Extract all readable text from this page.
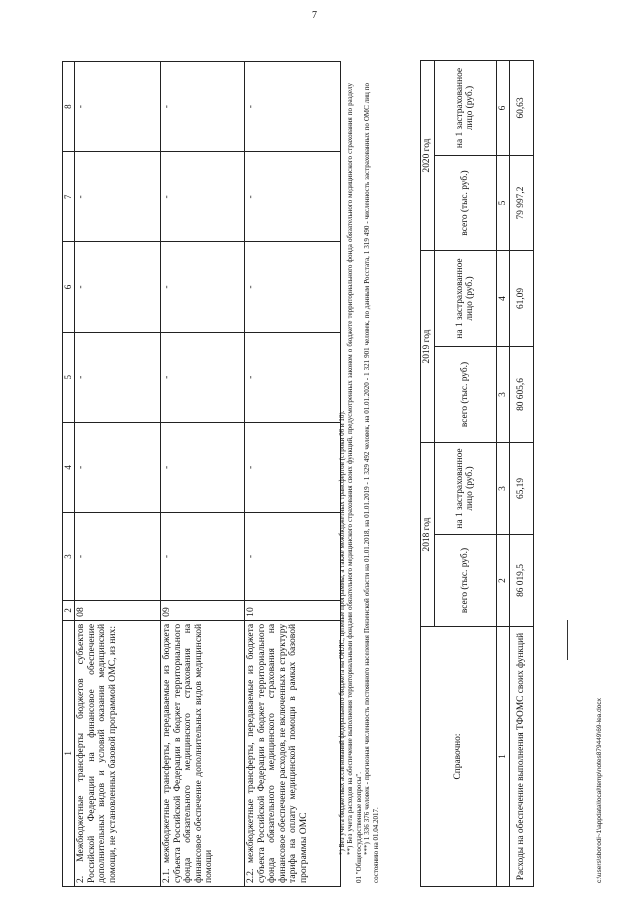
7
1	2	3	4	5	6	7	8
2. Межбюджетные трансферты бюджетов субъектов Российской Федерации на финансовое обеспечение дополнительных видов и условий оказания медицинской помощи, не установленных базовой программой ОМС, из них:	08	-	-	-	-	-	-
2.1. межбюджетные трансферты, передаваемые из бюджета субъекта Российской Федерации в бюджет территориального фонда обязательного медицинского страхования на финансовое обеспечение дополнительных видов медицинской помощи	09	-	-	-	-	-	-
2.2. межбюджетные трансферты, передаваемые из бюджета субъекта Российской Федерации в бюджет территориального фонда обязательного медицинского страхования на финансовое обеспечение расходов, не включенных в структуру тарифа на оплату медицинской помощи в рамках базовой программы ОМС	10	-	-	-	-	-	-

*) Без учета бюджетных ассигнований федерального бюджета на ОНЛС, целевые программы, а также межбюджетных трансфертов (строки 06 и 10). **) Без учета расходов на обеспечение выполнения территориальными фондами обязательного медицинского страхования своих функций, предусмотренных законом о бюджете территориального фонда обязательного медицинского страхования по разделу 01 "Общегосударственные вопросы". ***) 1 336 376 человек - прогнозная численность постоянного населения Пензенской области на 01.01.2018, на 01.01.2019 - 1 329 492 человек, на 01.01.2020 - 1 321 901 человек, по данным Росстата, 1 319 490 - численность застрахованных по ОМС лиц по состоянию на 01.04.2017.

Справочно:	2018 год		2019 год		2020 год	
	всего (тыс. руб.)	на 1 застрахованное лицо (руб.)	всего (тыс. руб.)	на 1 застрахованное лицо (руб.)	всего (тыс. руб.)	на 1 застрахованное лицо (руб.)
1	2	3	3	4	5	6
Расходы на обеспечение выполнения ТФОМС своих функций	86 019,5	65,19	80 605,6	61,09	79 997,2	60,63
c:\users\sborodi~1\appdata\local\temp\notes879449\69-lea.docx
